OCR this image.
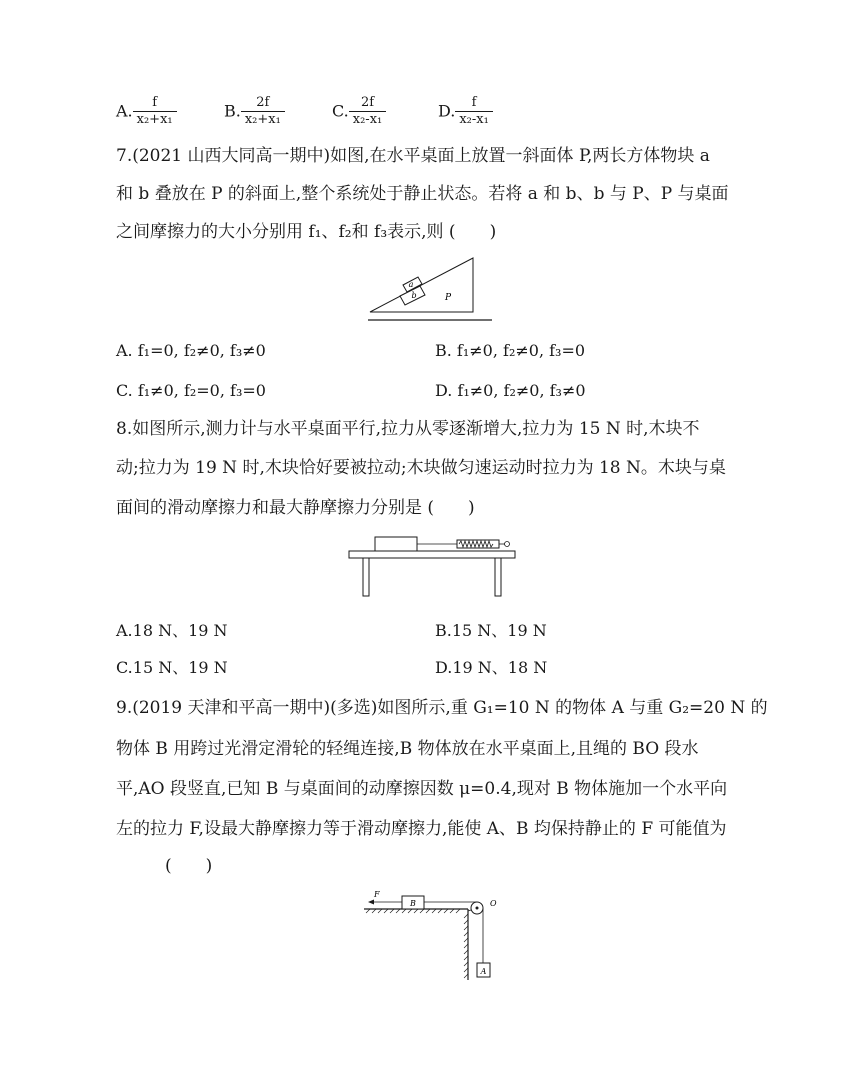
A. $\frac{f}{\text{x₂+x₁}}$	B. $\frac{2f}{\text{x₂+x₁}}$	C. $\frac{2f}{\text{x₂-x₁}}$	D. $\frac{f}{\text{x₂-x₁}}$
7.(2021 山西大同高一期中)如图,在水平桌面上放置一斜面体 P,两长方体物块 a
和 b 叠放在 P 的斜面上,整个系统处于静止状态。若将 a 和 b、b 与 P、P 与桌面
之间摩擦力的大小分别用 f₁、f₂和 f₃表示,则 (　　)
a
b	P
A. f₁=0, f₂≠0, f₃≠0	B. f₁≠0, f₂≠0, f₃=0
C. f₁≠0, f₂=0, f₃=0	D. f₁≠0, f₂≠0, f₃≠0
8.如图所示,测力计与水平桌面平行,拉力从零逐渐增大,拉力为 15 N 时,木块不
动;拉力为 19 N 时,木块恰好要被拉动;木块做匀速运动时拉力为 18 N。木块与桌
面间的滑动摩擦力和最大静摩擦力分别是 (　　)
A.18 N、19 N	B.15 N、19 N
C.15 N、19 N	D.19 N、18 N
9.(2019 天津和平高一期中)(多选)如图所示,重 G₁=10 N 的物体 A 与重 G₂=20 N 的
物体 B 用跨过光滑定滑轮的轻绳连接,B 物体放在水平桌面上,且绳的 BO 段水
平,AO 段竖直,已知 B 与桌面间的动摩擦因数 μ=0.4,现对 B 物体施加一个水平向
左的拉力 F,设最大静摩擦力等于滑动摩擦力,能使 A、B 均保持静止的 F 可能值为
(　　)
B
F
O
A
